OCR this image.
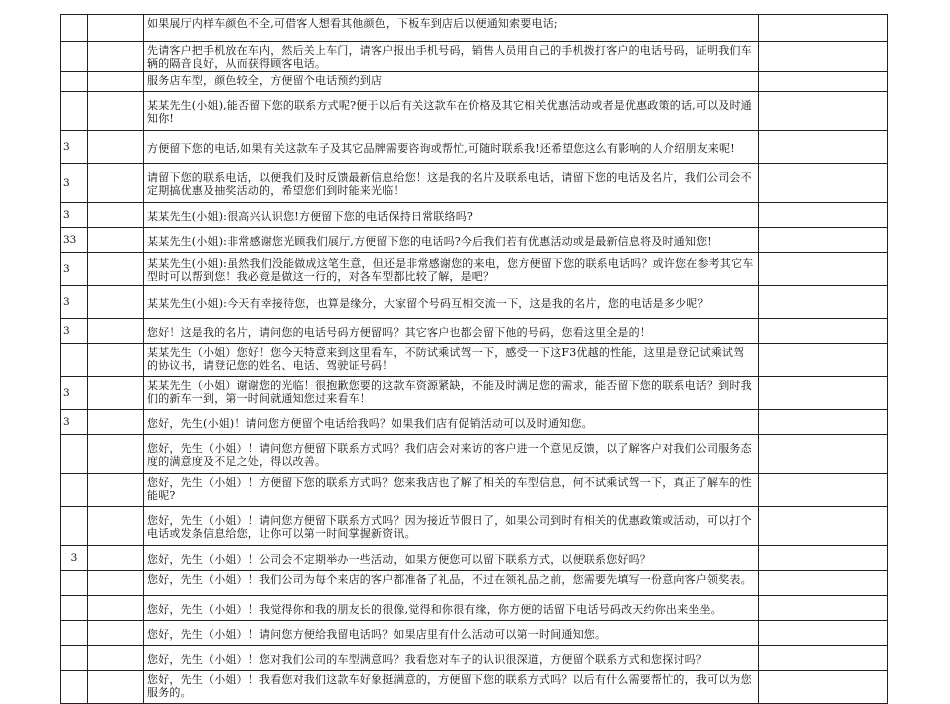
		如果展厅内样车颜色不全,可借客人想看其他颜色，下板车到店后以便通知索要电话;	
		先请客户把手机放在车内，然后关上车门，请客户报出手机号码，销售人员用自己的手机拨打客户的电话号码，证明我们车辆的隔音良好，从而获得顾客电话。	
		服务店车型，颜色较全，方便留个电话预约到店	
		某某先生(小姐),能否留下您的联系方式呢?便于以后有关这款车在价格及其它相关优惠活动或者是优惠政策的话,可以及时通知你!	
3		方便留下您的电话,如果有关这款车子及其它品牌需要咨询或帮忙,可随时联系我!还希望您这么有影响的人介绍朋友来呢!	
3		请留下您的联系电话，以便我们及时反馈最新信息给您！这是我的名片及联系电话，请留下您的电话及名片，我们公司会不定期搞优惠及抽奖活动的，希望您们到时能来光临！	
3		某某先生(小姐):很高兴认识您!方便留下您的电话保持日常联络吗?	
33		某某先生(小姐):非常感谢您光顾我们展厅,方便留下您的电话吗?今后我们若有优惠活动或是最新信息将及时通知您!	
3		某某先生(小姐):虽然我们没能做成这笔生意，但还是非常感谢您的来电，您方便留下您的联系电话吗？或许您在参考其它车型时可以帮到您！我必竟是做这一行的，对各车型都比较了解，是吧？	
3		某某先生(小姐):今天有幸接待您，也算是缘分，大家留个号码互相交流一下，这是我的名片，您的电话是多少呢？	
3		您好！这是我的名片，请问您的电话号码方便留吗？其它客户也都会留下他的号码，您看这里全是的！	
		某某先生（小姐）您好！您今天特意来到这里看车，不防试乘试驾一下，感受一下这F3优越的性能，这里是登记试乘试驾的协议书，请登记您的姓名、电话、驾驶证号码！	
3		某某先生（小姐）谢谢您的光临！很抱歉您要的这款车资源紧缺，不能及时满足您的需求，能否留下您的联系电话？到时我们的新车一到，第一时间就通知您过来看车！	
3		您好，先生(小姐)！请问您方便留个电话给我吗？如果我们店有促销活动可以及时通知您。	
		您好，先生（小姐）！请问您方便留下联系方式吗？我们店会对来访的客户进一个意见反馈，以了解客户对我们公司服务态度的满意度及不足之处，得以改善。	
		您好，先生（小姐）！方便留下您的联系方式吗？您来我店也了解了相关的车型信息，何不试乘试驾一下，真正了解车的性能呢?	
		您好，先生（小姐）！请问您方便留下联系方式吗？因为接近节假日了，如果公司到时有相关的优惠政策或活动，可以打个电话或发条信息给您，让你可以第一时间掌握新资讯。	
3		您好，先生（小姐）！公司会不定期举办一些活动，如果方便您可以留下联系方式，以便联系您好吗？	
		您好，先生（小姐）！我们公司为每个来店的客户都准备了礼品，不过在领礼品之前，您需要先填写一份意向客户领奖表。	
		您好，先生（小姐）！我觉得你和我的朋友长的很像,觉得和你很有缘，你方便的话留下电话号码改天约你出来坐坐。	
		您好，先生（小姐）！请问您方便给我留电话吗？如果店里有什么活动可以第一时间通知您。	
		您好，先生（小姐）！您对我们公司的车型满意吗？我看您对车子的认识很深道，方便留个联系方式和您探讨吗？	
		您好，先生（小姐）！我看您对我们这款车好象挺满意的，方便留下您的联系方式吗？以后有什么需要帮忙的，我可以为您服务的。	
